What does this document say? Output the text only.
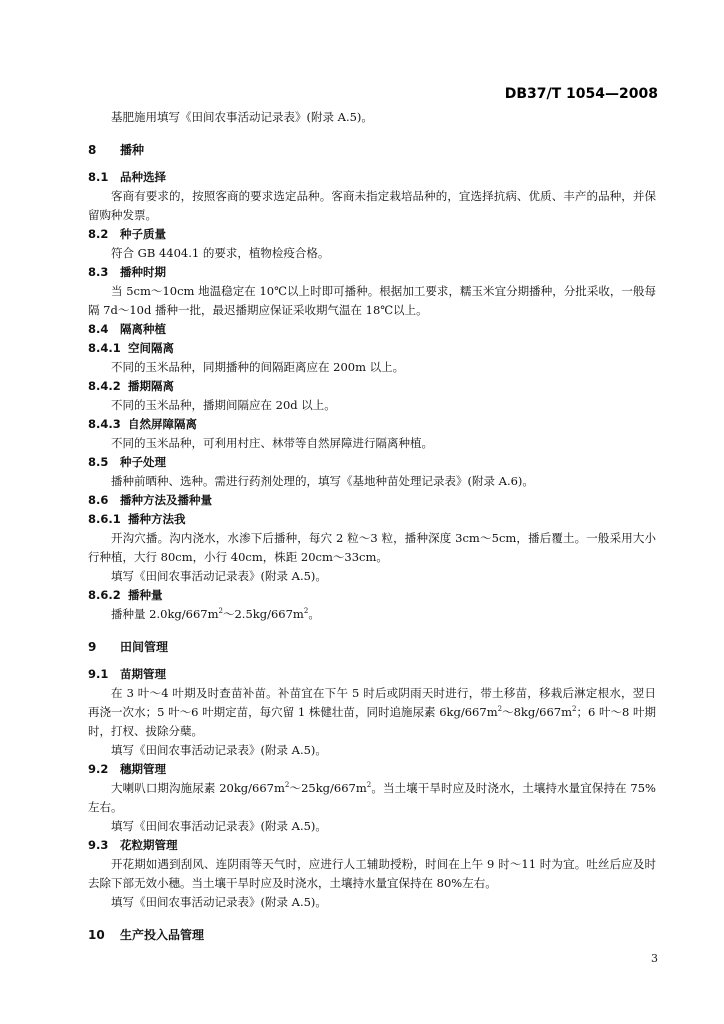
DB37/T 1054—2008

基肥施用填写《田间农事活动记录表》(附录 A.5)。

8 播种
8.1 品种选择

客商有要求的，按照客商的要求选定品种。客商未指定栽培品种的，宜选择抗病、优质、丰产的品种，并保留购种发票。

8.2 种子质量

符合 GB 4404.1 的要求，植物检疫合格。

8.3 播种时期

当 5cm～10cm 地温稳定在 10℃以上时即可播种。根据加工要求，糯玉米宜分期播种，分批采收，一般每隔 7d～10d 播种一批，最迟播期应保证采收期气温在 18℃以上。

8.4 隔离种植
8.4.1 空间隔离

不同的玉米品种，同期播种的间隔距离应在 200m 以上。

8.4.2 播期隔离

不同的玉米品种，播期间隔应在 20d 以上。

8.4.3 自然屏障隔离

不同的玉米品种，可利用村庄、林带等自然屏障进行隔离种植。

8.5 种子处理

播种前晒种、选种。需进行药剂处理的，填写《基地种苗处理记录表》(附录 A.6)。

8.6 播种方法及播种量
8.6.1 播种方法我

开沟穴播。沟内浇水，水渗下后播种，每穴 2 粒～3 粒，播种深度 3cm～5cm，播后覆土。一般采用大小行种植，大行 80cm，小行 40cm，株距 20cm～33cm。

填写《田间农事活动记录表》(附录 A.5)。

8.6.2 播种量

播种量 $2.0kg/667m^2\sim 2.5kg/667m^2$。

9 田间管理
9.1 苗期管理

在 3 叶～4 叶期及时查苗补苗。补苗宜在下午 5 时后或阴雨天时进行，带土移苗，移栽后淋定根水，翌日再浇一次水；5 叶～6 叶期定苗，每穴留 1 株健壮苗，同时追施尿素 $6kg/667m^2\sim 8kg/667m^2$；6 叶～8 叶期时，打杈、拔除分蘖。

填写《田间农事活动记录表》(附录 A.5)。

9.2 穗期管理

大喇叭口期沟施尿素 $20kg/667m^2\sim 25kg/667m^2$。当土壤干旱时应及时浇水，土壤持水量宜保持在 75%左右。

填写《田间农事活动记录表》(附录 A.5)。

9.3 花粒期管理

开花期如遇到刮风、连阴雨等天气时，应进行人工辅助授粉，时间在上午 9 时～11 时为宜。吐丝后应及时去除下部无效小穗。当土壤干旱时应及时浇水，土壤持水量宜保持在 80%左右。

填写《田间农事活动记录表》(附录 A.5)。

10 生产投入品管理
3
